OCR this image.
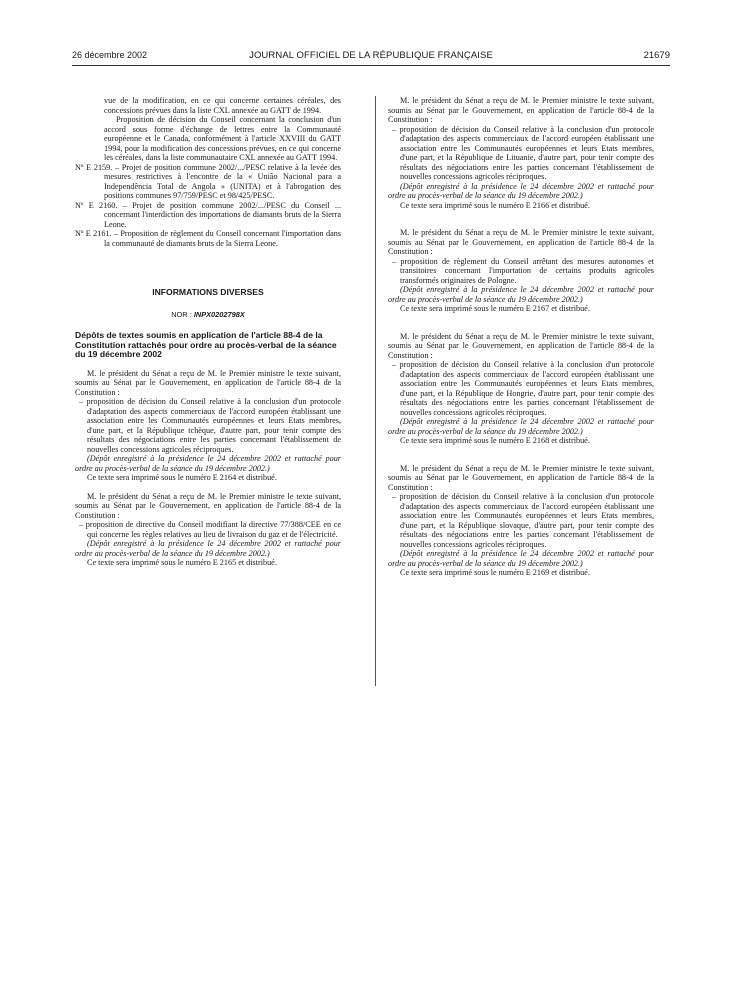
26 décembre 2002	JOURNAL OFFICIEL DE LA RÉPUBLIQUE FRANÇAISE	21679

vue de la modification, en ce qui concerne certaines céréales, des concessions prévues dans la liste CXL annexée au GATT de 1994.

Proposition de décision du Conseil concernant la conclusion d'un accord sous forme d'échange de lettres entre la Communauté européenne et le Canada, conformément à l'article XXVIII du GATT 1994, pour la modification des concessions prévues, en ce qui concerne les céréales, dans la liste communautaire CXL annexée au GATT 1994.

Nº E 2159. – Projet de position commune 2002/.../PESC relative à la levée des mesures restrictives à l'encontre de la « União Nacional para a Independência Total de Angola » (UNITA) et à l'abrogation des positions communes 97/759/PESC et 98/425/PESC.

Nº E 2160. – Projet de position commune 2002/.../PESC du Conseil ... concernant l'interdiction des importations de diamants bruts de la Sierra Leone.

Nº E 2161. – Proposition de règlement du Conseil concernant l'importation dans la communauté de diamants bruts de la Sierra Leone.

INFORMATIONS DIVERSES

NOR : INPX0202798X

Dépôts de textes soumis en application de l'article 88-4 de la Constitution rattachés pour ordre au procès-verbal de la séance du 19 décembre 2002

M. le président du Sénat a reçu de M. le Premier ministre le texte suivant, soumis au Sénat par le Gouvernement, en application de l'article 88-4 de la Constitution :

– proposition de décision du Conseil relative à la conclusion d'un protocole d'adaptation des aspects commerciaux de l'accord européen établissant une association entre les Communautés européennes et leurs Etats membres, d'une part, et la République tchèque, d'autre part, pour tenir compte des résultats des négociations entre les parties concernant l'établissement de nouvelles concessions agricoles réciproques.

(Dépôt enregistré à la présidence le 24 décembre 2002 et rattaché pour ordre au procès-verbal de la séance du 19 décembre 2002.)

Ce texte sera imprimé sous le numéro E 2164 et distribué.

M. le président du Sénat a reçu de M. le Premier ministre le texte suivant, soumis au Sénat par le Gouvernement, en application de l'article 88-4 de la Constitution :

– proposition de directive du Conseil modifiant la directive 77/388/CEE en ce qui concerne les règles relatives au lieu de livraison du gaz et de l'électricité.

(Dépôt enregistré à la présidence le 24 décembre 2002 et rattaché pour ordre au procès-verbal de la séance du 19 décembre 2002.)

Ce texte sera imprimé sous le numéro E 2165 et distribué.

M. le président du Sénat a reçu de M. le Premier ministre le texte suivant, soumis au Sénat par le Gouvernement, en application de l'article 88-4 de la Constitution :

– proposition de décision du Conseil relative à la conclusion d'un protocole d'adaptation des aspects commerciaux de l'accord européen établissant une association entre les Communautés européennes et leurs Etats membres, d'une part, et la République de Lituanie, d'autre part, pour tenir compte des résultats des négociations entre les parties concernant l'établissement de nouvelles concessions agricoles réciproques.

(Dépôt enregistré à la présidence le 24 décembre 2002 et rattaché pour ordre au procès-verbal de la séance du 19 décembre 2002.)

Ce texte sera imprimé sous le numéro E 2166 et distribué.

M. le président du Sénat a reçu de M. le Premier ministre le texte suivant, soumis au Sénat par le Gouvernement, en application de l'article 88-4 de la Constitution :

– proposition de règlement du Conseil arrêtant des mesures autonomes et transitoires concernant l'importation de certains produits agricoles transformés originaires de Pologne.

(Dépôt enregistré à la présidence le 24 décembre 2002 et rattaché pour ordre au procès-verbal de la séance du 19 décembre 2002.)

Ce texte sera imprimé sous le numéro E 2167 et distribué.

M. le président du Sénat a reçu de M. le Premier ministre le texte suivant, soumis au Sénat par le Gouvernement, en application de l'article 88-4 de la Constitution :

– proposition de décision du Conseil relative à la conclusion d'un protocole d'adaptation des aspects commerciaux de l'accord européen établissant une association entre les Communautés européennes et leurs Etats membres, d'une part, et la République de Hongrie, d'autre part, pour tenir compte des résultats des négociations entre les parties concernant l'établissement de nouvelles concessions agricoles réciproques.

(Dépôt enregistré à la présidence le 24 décembre 2002 et rattaché pour ordre au procès-verbal de la séance du 19 décembre 2002.)

Ce texte sera imprimé sous le numéro E 2168 et distribué.

M. le président du Sénat a reçu de M. le Premier ministre le texte suivant, soumis au Sénat par le Gouvernement, en application de l'article 88-4 de la Constitution :

– proposition de décision du Conseil relative à la conclusion d'un protocole d'adaptation des aspects commerciaux de l'accord européen établissant une association entre les Communautés européennes et leurs Etats membres, d'une part, et la République slovaque, d'autre part, pour tenir compte des résultats des négociations entre les parties concernant l'établissement de nouvelles concessions agricoles réciproques.

(Dépôt enregistré à la présidence le 24 décembre 2002 et rattaché pour ordre au procès-verbal de la séance du 19 décembre 2002.)

Ce texte sera imprimé sous le numéro E 2169 et distribué.
